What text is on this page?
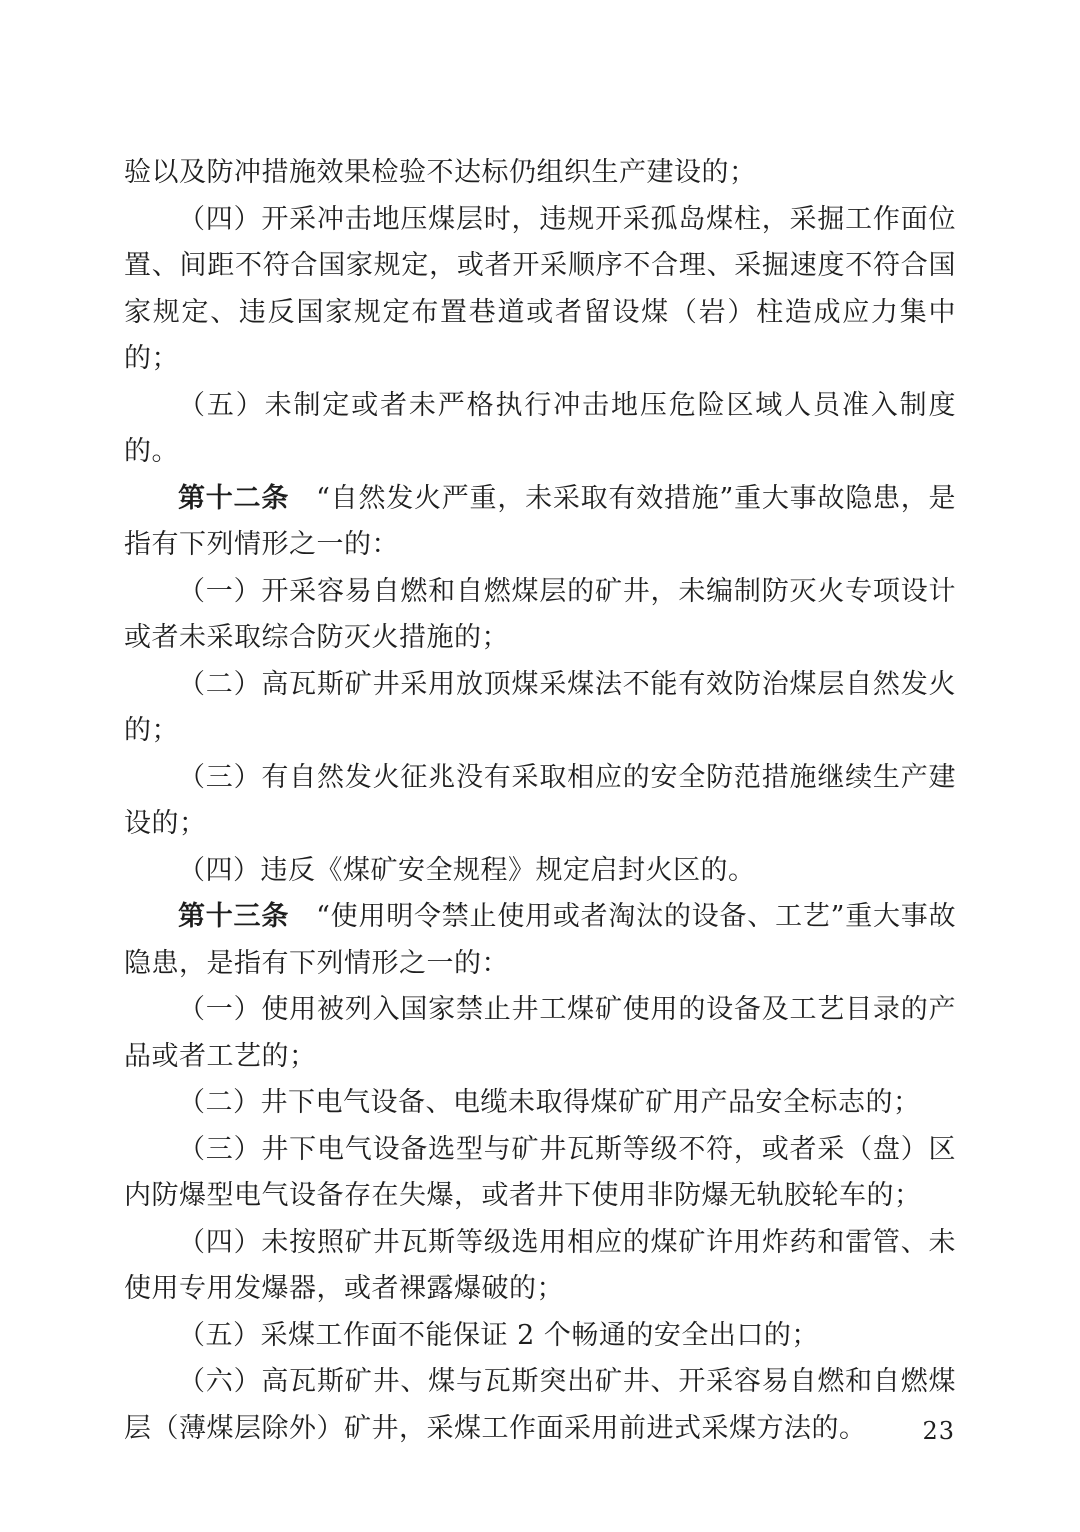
验以及防冲措施效果检验不达标仍组织生产建设的；

（四）开采冲击地压煤层时，违规开采孤岛煤柱，采掘工作面位置、间距不符合国家规定，或者开采顺序不合理、采掘速度不符合国家规定、违反国家规定布置巷道或者留设煤（岩）柱造成应力集中的；

（五）未制定或者未严格执行冲击地压危险区域人员准入制度的。

第十二条 “自然发火严重，未采取有效措施”重大事故隐患，是指有下列情形之一的：

（一）开采容易自燃和自燃煤层的矿井，未编制防灭火专项设计或者未采取综合防灭火措施的；

（二）高瓦斯矿井采用放顶煤采煤法不能有效防治煤层自然发火的；

（三）有自然发火征兆没有采取相应的安全防范措施继续生产建设的；

（四）违反《煤矿安全规程》规定启封火区的。

第十三条 “使用明令禁止使用或者淘汰的设备、工艺”重大事故隐患，是指有下列情形之一的：

（一）使用被列入国家禁止井工煤矿使用的设备及工艺目录的产品或者工艺的；

（二）井下电气设备、电缆未取得煤矿矿用产品安全标志的；

（三）井下电气设备选型与矿井瓦斯等级不符，或者采（盘）区内防爆型电气设备存在失爆，或者井下使用非防爆无轨胶轮车的；

（四）未按照矿井瓦斯等级选用相应的煤矿许用炸药和雷管、未使用专用发爆器，或者裸露爆破的；

（五）采煤工作面不能保证 2 个畅通的安全出口的；

（六）高瓦斯矿井、煤与瓦斯突出矿井、开采容易自燃和自燃煤层（薄煤层除外）矿井，采煤工作面采用前进式采煤方法的。	23
